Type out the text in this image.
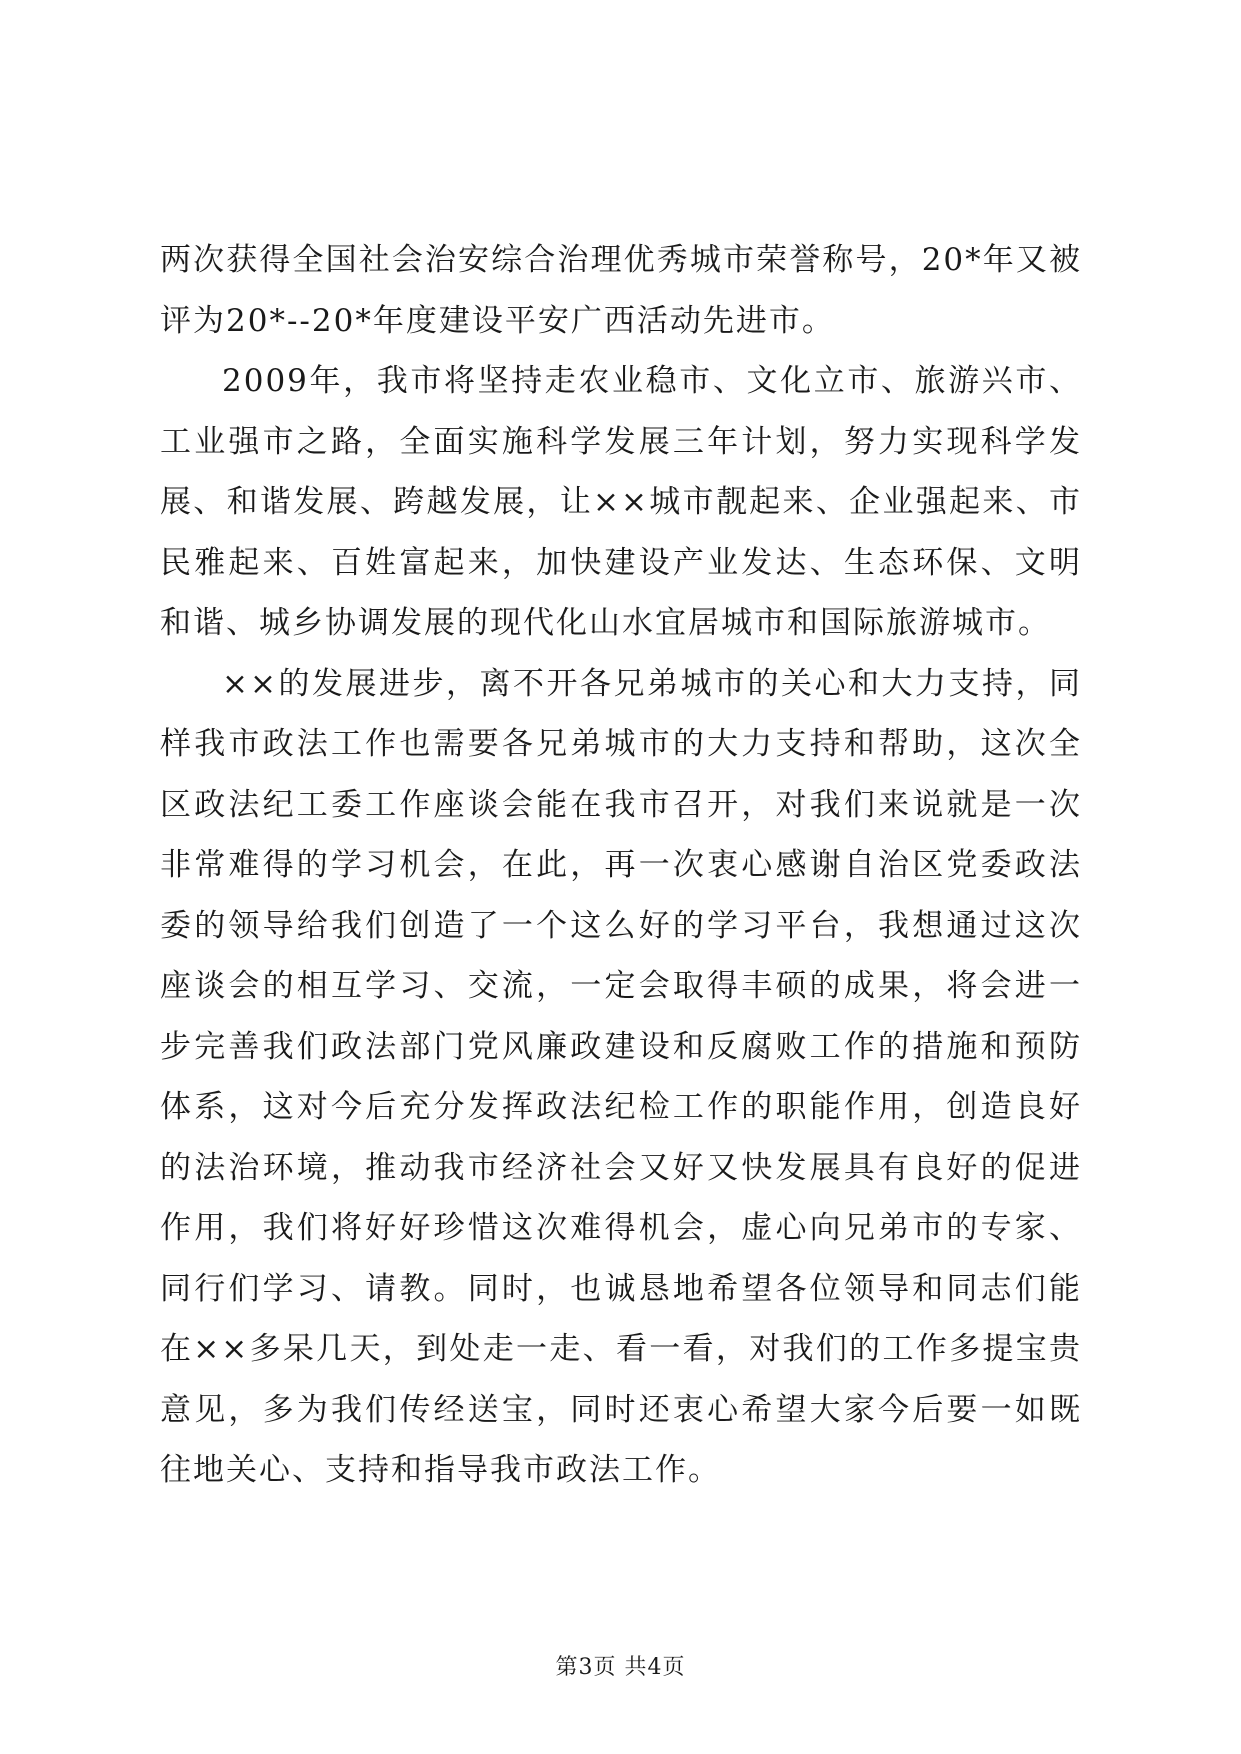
两次获得全国社会治安综合治理优秀城市荣誉称号，20*年又被评为20*--20*年度建设平安广西活动先进市。

2009年，我市将坚持走农业稳市、文化立市、旅游兴市、工业强市之路，全面实施科学发展三年计划，努力实现科学发展、和谐发展、跨越发展，让××城市靓起来、企业强起来、市民雅起来、百姓富起来，加快建设产业发达、生态环保、文明和谐、城乡协调发展的现代化山水宜居城市和国际旅游城市。

××的发展进步，离不开各兄弟城市的关心和大力支持，同样我市政法工作也需要各兄弟城市的大力支持和帮助，这次全区政法纪工委工作座谈会能在我市召开，对我们来说就是一次非常难得的学习机会，在此，再一次衷心感谢自治区党委政法委的领导给我们创造了一个这么好的学习平台，我想通过这次座谈会的相互学习、交流，一定会取得丰硕的成果，将会进一步完善我们政法部门党风廉政建设和反腐败工作的措施和预防体系，这对今后充分发挥政法纪检工作的职能作用，创造良好的法治环境，推动我市经济社会又好又快发展具有良好的促进作用，我们将好好珍惜这次难得机会，虚心向兄弟市的专家、同行们学习、请教。同时，也诚恳地希望各位领导和同志们能在××多呆几天，到处走一走、看一看，对我们的工作多提宝贵意见，多为我们传经送宝，同时还衷心希望大家今后要一如既往地关心、支持和指导我市政法工作。

第3页 共4页
